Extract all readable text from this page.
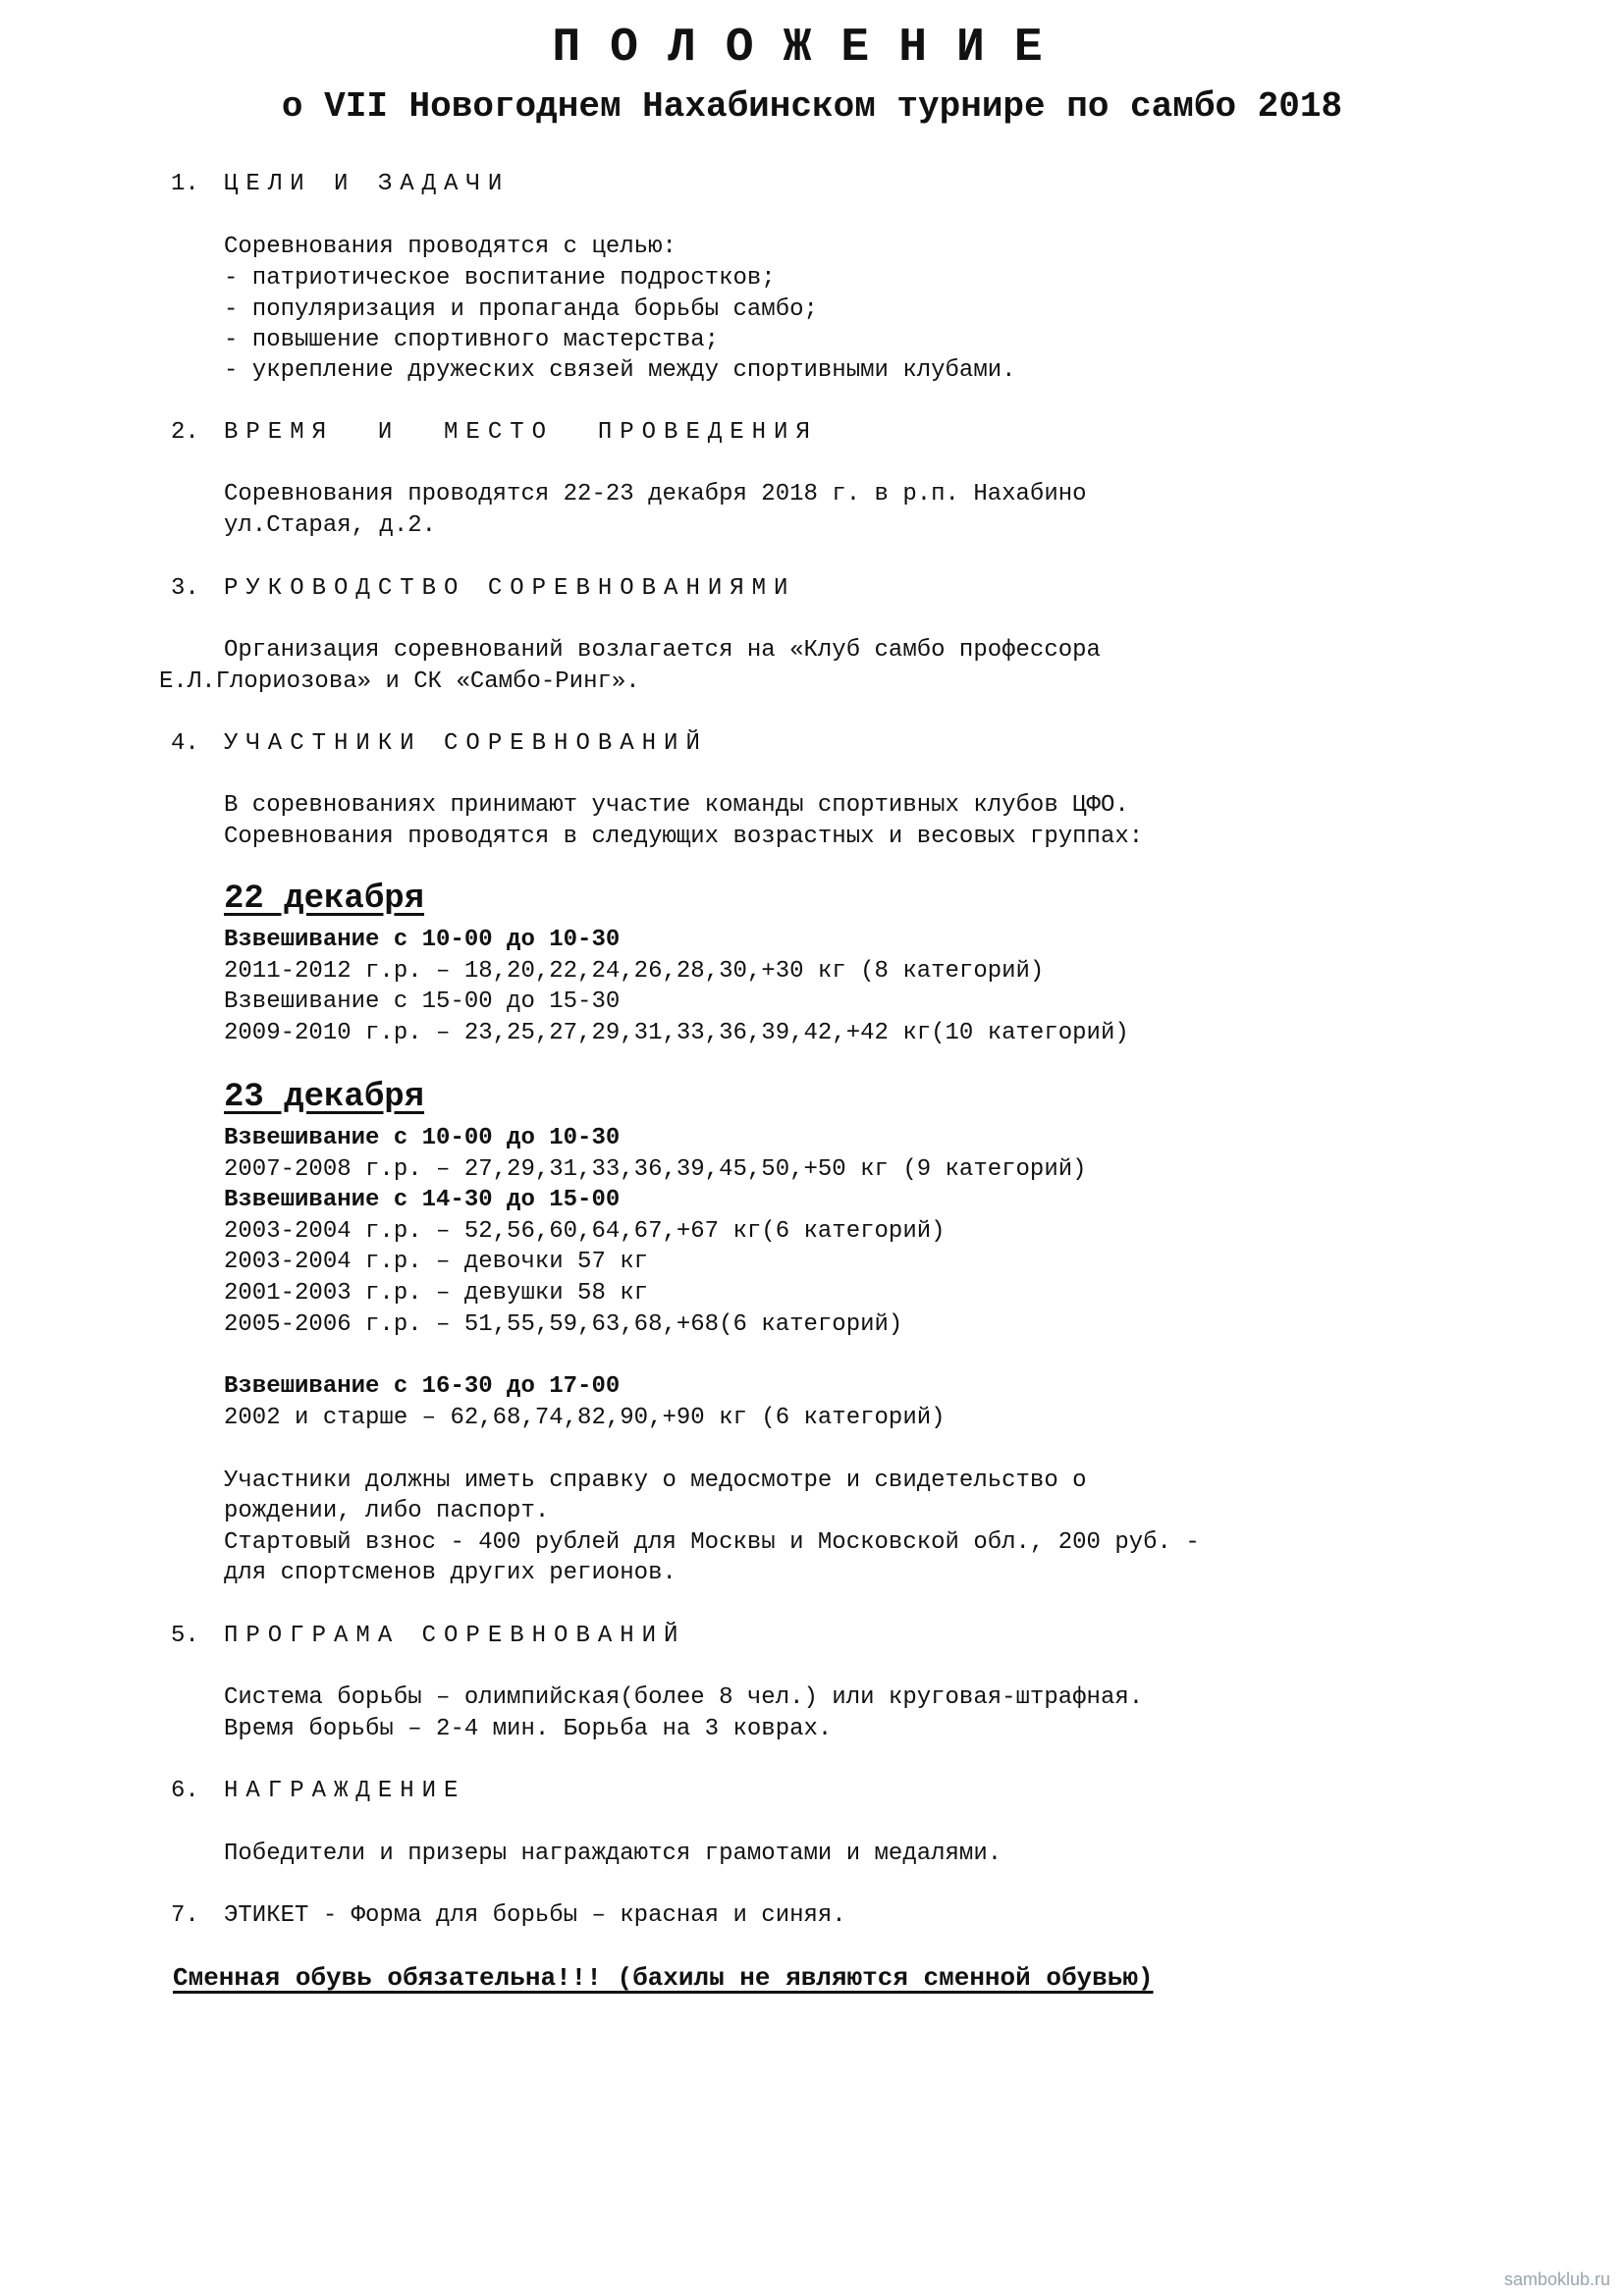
ПОЛОЖЕНИЕ
о VII Новогоднем Нахабинском турнире по самбо 2018
1.	ЦЕЛИ И ЗАДАЧИ
Соревнования проводятся с целью:
- патриотическое воспитание подростков;
- популяризация и пропаганда борьбы самбо;
- повышение спортивного мастерства;
- укрепление дружеских связей между спортивными клубами.
2.	ВРЕМЯ  И  МЕСТО  ПРОВЕДЕНИЯ
Соревнования проводятся 22-23 декабря 2018 г. в р.п. Нахабино
ул.Старая, д.2.
3.	РУКОВОДСТВО СОРЕВНОВАНИЯМИ
Организация соревнований возлагается на «Клуб самбо профессора
Е.Л.Глориозова» и СК «Самбо-Ринг».
4.	УЧАСТНИКИ СОРЕВНОВАНИЙ
В соревнованиях принимают участие команды спортивных клубов ЦФО.
Соревнования проводятся в следующих возрастных и весовых группах:
22 декабря
Взвешивание с 10-00 до 10-30
2011-2012 г.р. – 18,20,22,24,26,28,30,+30 кг (8 категорий)
Взвешивание с 15-00 до 15-30
2009-2010 г.р. – 23,25,27,29,31,33,36,39,42,+42 кг(10 категорий)
23 декабря
Взвешивание с 10-00 до 10-30
2007-2008 г.р. – 27,29,31,33,36,39,45,50,+50 кг (9 категорий)
Взвешивание с 14-30 до 15-00
2003-2004 г.р. – 52,56,60,64,67,+67 кг(6 категорий)
2003-2004 г.р. – девочки 57 кг
2001-2003 г.р. – девушки 58 кг
2005-2006 г.р. – 51,55,59,63,68,+68(6 категорий)
Взвешивание с 16-30 до 17-00
2002 и старше – 62,68,74,82,90,+90 кг (6 категорий)
Участники должны иметь справку о медосмотре и свидетельство о
рождении, либо паспорт.
Стартовый взнос - 400 рублей для Москвы и Московской обл., 200 руб. -
для спортсменов других регионов.
5.	ПРОГРАМА СОРЕВНОВАНИЙ
Система борьбы – олимпийская(более 8 чел.) или круговая-штрафная.
Время борьбы – 2-4 мин. Борьба на 3 коврах.
6.	НАГРАЖДЕНИЕ
Победители и призеры награждаются грамотами и медалями.
7.	ЭТИКЕТ - Форма для борьбы – красная и синяя.
Сменная обувь обязательна!!! (бахилы не являются сменной обувью)
samboklub.ru
